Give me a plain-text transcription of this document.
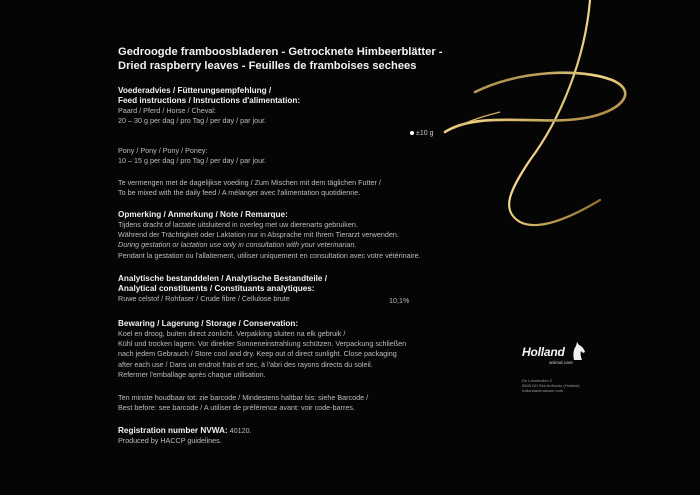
Gedroogde framboosbladeren - Getrocknete Himbeerblätter -
Dried raspberry leaves - Feuilles de framboises sechees
Voederadvies / Fütterungsempfehlung /
Feed instructions / Instructions d'alimentation:
Paard / Pferd / Horse / Cheval:
20 – 30 g per dag / pro Tag / per day / par jour.
±10 g
Pony / Pony / Pony / Poney:
10 – 15 g per dag / pro Tag / per day / par jour.
Te vermengen met de dagelijkse voeding / Zum Mischen mit dem täglichen Futter /
To be mixed with the daily feed / A mélanger avec l'alimentation quotidienne.
Opmerking / Anmerkung / Note / Remarque:
Tijdens dracht of lactatie uitsluitend in overleg met uw dierenarts gebruiken.
Während der Trächtigkeit oder Laktation nur in Absprache mit Ihrem Tierarzt verwenden.
During gestation or lactation use only in consultation with your veterinarian.
Pendant la gestation ou l'allaitement, utiliser uniquement en consultation avec votre vétérinaire.
Analytische bestanddelen / Analytische Bestandteile /
Analytical constituents / Constituants analytiques:
Ruwe celstof / Rohfaser / Crude fibre / Cellulose brute	10,1%
Bewaring / Lagerung / Storage / Conservation:
Koel en droog, buiten direct zonlicht. Verpakking sluiten na elk gebruik /
Kühl und trocken lagern. Vor direkter Sonneneinstrahlung schützen. Verpackung schließen
nach jedem Gebrauch / Store cool and dry. Keep out of direct sunlight. Close packaging
after each use / Dans un endroit frais et sec, à l'abri des rayons directs du soleil.
Refermer l'emballage après chaque utilisation.
Ten minste houdbaar tot: zie barcode / Mindestens haltbar bis: siehe Barcode /
Best before: see barcode / A utiliser de préférence avant: voir code-barres.
Registration number NVWA: 40120.
Produced by HACCP guidelines.
Holland
animal care
De Leemkuilen 2
5845 DH Sint Anthonis (Holland)
hollandanimalcare.com
